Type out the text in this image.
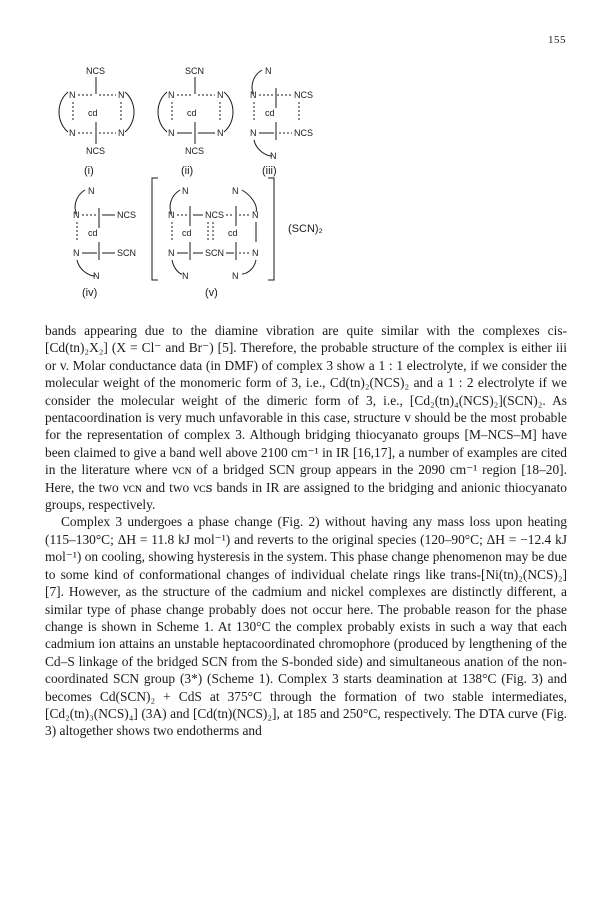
155
NCS
N	N
cd
N	N
NCS
(i)
SCN
N	N
cd
N	N
NCS
(ii)
N
N	NCS
cd
N	NCS
N
(iii)
N
N	NCS
cd
N	SCN
N
(iv)
N
N	NCS	N
N
cd	cd
N	SCN	N
N	N
(SCN)₂
(v)

bands appearing due to the diamine vibration are quite similar with the complexes cis-[Cd(tn)₂X₂] (X = Cl⁻ and Br⁻) [5]. Therefore, the probable structure of the complex is either iii or v. Molar conductance data (in DMF) of complex 3 show a 1 : 1 electrolyte, if we consider the molecular weight of the monomeric form of 3, i.e., Cd(tn)₂(NCS)₂ and a 1 : 2 electrolyte if we consider the molecular weight of the dimeric form of 3, i.e., [Cd₂(tn)₄(NCS)₂](SCN)₂. As pentacoordination is very much unfavorable in this case, structure v should be the most probable for the representation of complex 3. Although bridging thiocyanato groups [M–NCS–M] have been claimed to give a band well above 2100 cm⁻¹ in IR [16,17], a number of examples are cited in the literature where νᴄɴ of a bridged SCN group appears in the 2090 cm⁻¹ region [18–20]. Here, the two νᴄɴ and two νᴄꜱ bands in IR are assigned to the bridging and anionic thiocyanato groups, respectively.

Complex 3 undergoes a phase change (Fig. 2) without having any mass loss upon heating (115–130°C; ΔH = 11.8 kJ mol⁻¹) and reverts to the original species (120–90°C; ΔH = −12.4 kJ mol⁻¹) on cooling, showing hysteresis in the system. This phase change phenomenon may be due to some kind of conformational changes of individual chelate rings like trans-[Ni(tn)₂(NCS)₂] [7]. However, as the structure of the cadmium and nickel complexes are distinctly different, a similar type of phase change probably does not occur here. The probable reason for the phase change is shown in Scheme 1. At 130°C the complex probably exists in such a way that each cadmium ion attains an unstable heptacoordinated chromophore (produced by lengthening of the Cd–S linkage of the bridged SCN from the S-bonded side) and simultaneous anation of the non-coordinated SCN group (3*) (Scheme 1). Complex 3 starts deamination at 138°C (Fig. 3) and becomes Cd(SCN)₂ + CdS at 375°C through the formation of two stable intermediates, [Cd₂(tn)₃(NCS)₄] (3A) and [Cd(tn)(NCS)₂], at 185 and 250°C, respectively. The DTA curve (Fig. 3) altogether shows two endotherms and
